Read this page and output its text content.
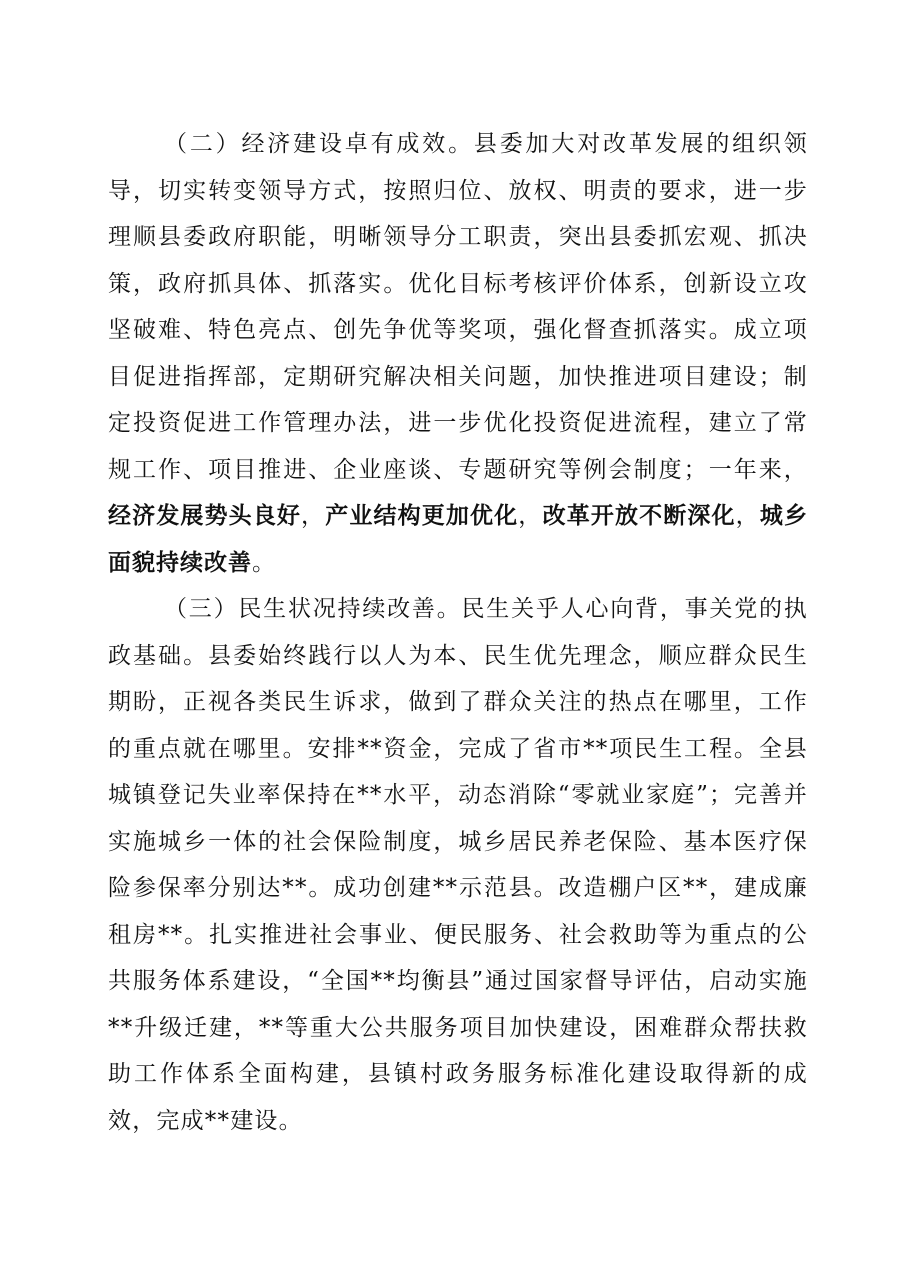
（二）经济建设卓有成效。县委加大对改革发展的组织领导，切实转变领导方式，按照归位、放权、明责的要求，进一步理顺县委政府职能，明晰领导分工职责，突出县委抓宏观、抓决策，政府抓具体、抓落实。优化目标考核评价体系，创新设立攻坚破难、特色亮点、创先争优等奖项，强化督查抓落实。成立项目促进指挥部，定期研究解决相关问题，加快推进项目建设；制定投资促进工作管理办法，进一步优化投资促进流程，建立了常规工作、项目推进、企业座谈、专题研究等例会制度；一年来，经济发展势头良好，产业结构更加优化，改革开放不断深化，城乡面貌持续改善。

（三）民生状况持续改善。民生关乎人心向背，事关党的执政基础。县委始终践行以人为本、民生优先理念，顺应群众民生期盼，正视各类民生诉求，做到了群众关注的热点在哪里，工作的重点就在哪里。安排**资金，完成了省市**项民生工程。全县城镇登记失业率保持在**水平，动态消除“零就业家庭”；完善并实施城乡一体的社会保险制度，城乡居民养老保险、基本医疗保险参保率分别达**。成功创建**示范县。改造棚户区**，建成廉租房**。扎实推进社会事业、便民服务、社会救助等为重点的公共服务体系建设，“全国**均衡县”通过国家督导评估，启动实施**升级迁建，**等重大公共服务项目加快建设，困难群众帮扶救助工作体系全面构建，县镇村政务服务标准化建设取得新的成效，完成**建设。
